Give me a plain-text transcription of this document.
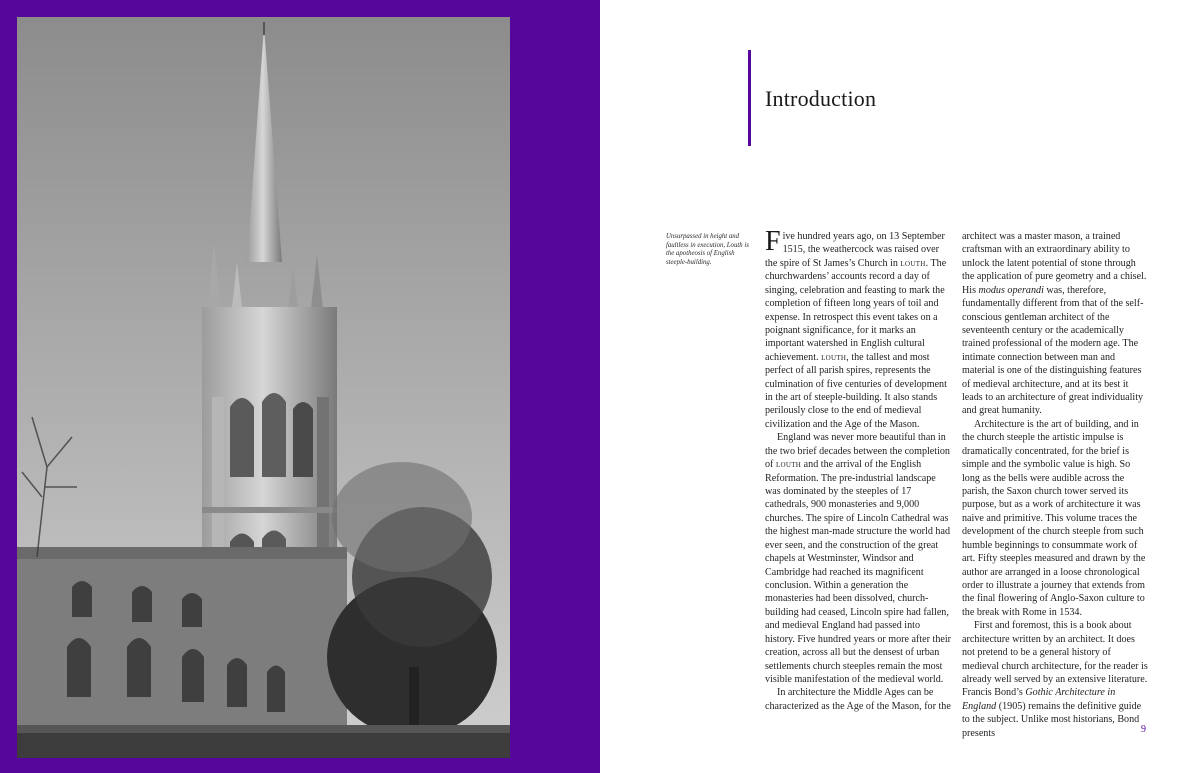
Introduction

Unsurpassed in height and faultless in execution, Louth is the apotheosis of English steeple-building.

Five hundred years ago, on 13 September 1515, the weathercock was raised over the spire of St James’s Church in louth. The churchwardens’ accounts record a day of singing, celebration and feasting to mark the completion of fifteen long years of toil and expense. In retrospect this event takes on a poignant significance, for it marks an important watershed in English cultural achievement. louth, the tallest and most perfect of all parish spires, represents the culmination of five centuries of development in the art of steeple-building. It also stands perilously close to the end of medieval civilization and the Age of the Mason.

England was never more beautiful than in the two brief decades between the completion of louth and the arrival of the English Reformation. The pre-industrial landscape was dominated by the steeples of 17 cathedrals, 900 monasteries and 9,000 churches. The spire of Lincoln Cathedral was the highest man-made structure the world had ever seen, and the construction of the great chapels at Westminster, Windsor and Cambridge had reached its magnificent conclusion. Within a generation the monasteries had been dissolved, church-building had ceased, Lincoln spire had fallen, and medieval England had passed into history. Five hundred years or more after their creation, across all but the densest of urban settlements church steeples remain the most visible manifestation of the medieval world.

In architecture the Middle Ages can be characterized as the Age of the Mason, for the

architect was a master mason, a trained craftsman with an extraordinary ability to unlock the latent potential of stone through the application of pure geometry and a chisel. His modus operandi was, therefore, fundamentally different from that of the self-conscious gentleman architect of the seventeenth century or the academically trained professional of the modern age. The intimate connection between man and material is one of the distinguishing features of medieval architecture, and at its best it leads to an architecture of great individuality and great humanity.

Architecture is the art of building, and in the church steeple the artistic impulse is dramatically concentrated, for the brief is simple and the symbolic value is high. So long as the bells were audible across the parish, the Saxon church tower served its purpose, but as a work of architecture it was naive and primitive. This volume traces the development of the church steeple from such humble beginnings to consummate work of art. Fifty steeples measured and drawn by the author are arranged in a loose chronological order to illustrate a journey that extends from the final flowering of Anglo-Saxon culture to the break with Rome in 1534.

First and foremost, this is a book about architecture written by an architect. It does not pretend to be a general history of medieval church architecture, for the reader is already well served by an extensive literature. Francis Bond’s Gothic Architecture in England (1905) remains the definitive guide to the subject. Unlike most historians, Bond presents	9
